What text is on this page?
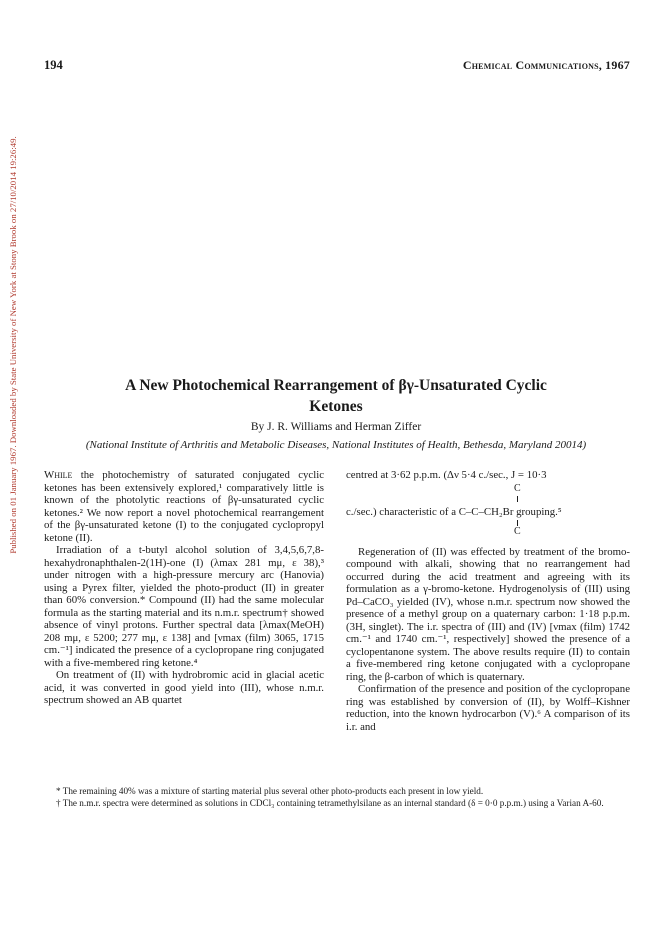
Published on 01 January 1967. Downloaded by State University of New York at Stony Brook on 27/10/2014 19:26:49.
194	Chemical Communications, 1967
A New Photochemical Rearrangement of βγ-Unsaturated Cyclic
Ketones
By J. R. Williams and Herman Ziffer
(National Institute of Arthritis and Metabolic Diseases, National Institutes of Health, Bethesda, Maryland 20014)

While the photochemistry of saturated conjugated cyclic ketones has been extensively explored,¹ comparatively little is known of the photolytic reactions of βγ-unsaturated cyclic ketones.² We now report a novel photochemical rearrangement of the βγ-unsaturated ketone (I) to the conjugated cyclopropyl ketone (II).

Irradiation of a t-butyl alcohol solution of 3,4,5,6,7,8-hexahydronaphthalen-2(1H)-one (I) (λmax 281 mμ, ε 38),³ under nitrogen with a high-pressure mercury arc (Hanovia) using a Pyrex filter, yielded the photo-product (II) in greater than 60% conversion.* Compound (II) had the same molecular formula as the starting material and its n.m.r. spectrum† showed absence of vinyl protons. Further spectral data [λmax(MeOH) 208 mμ, ε 5200; 277 mμ, ε 138] and [νmax (film) 3065, 1715 cm.⁻¹] indicated the presence of a cyclopropane ring conjugated with a five-membered ring ketone.⁴

On treatment of (II) with hydrobromic acid in glacial acetic acid, it was converted in good yield into (III), whose n.m.r. spectrum showed an AB quartet

centred at 3·62 p.p.m. (Δν 5·4 c./sec., J = 10·3

Regeneration of (II) was effected by treatment of the bromo-compound with alkali, showing that no rearrangement had occurred during the acid treatment and agreeing with its formulation as a γ-bromo-ketone. Hydrogenolysis of (III) using Pd–CaCO₃ yielded (IV), whose n.m.r. spectrum now showed the presence of a methyl group on a quaternary carbon: 1·18 p.p.m. (3H, singlet). The i.r. spectra of (III) and (IV) [νmax (film) 1742 cm.⁻¹ and 1740 cm.⁻¹, respectively] showed the presence of a cyclopentanone system. The above results require (II) to contain a five-membered ring ketone conjugated with a cyclopropane ring, the β-carbon of which is quaternary.

Confirmation of the presence and position of the cyclopropane ring was established by conversion of (II), by Wolff–Kishner reduction, into the known hydrocarbon (V).⁶ A comparison of its i.r. and

C
c./sec.) characteristic of a C–C–CH₂Br grouping.⁵
C

* The remaining 40% was a mixture of starting material plus several other photo-products each present in low yield.

† The n.m.r. spectra were determined as solutions in CDCl₃ containing tetramethylsilane as an internal standard (δ = 0·0 p.p.m.) using a Varian A-60.
